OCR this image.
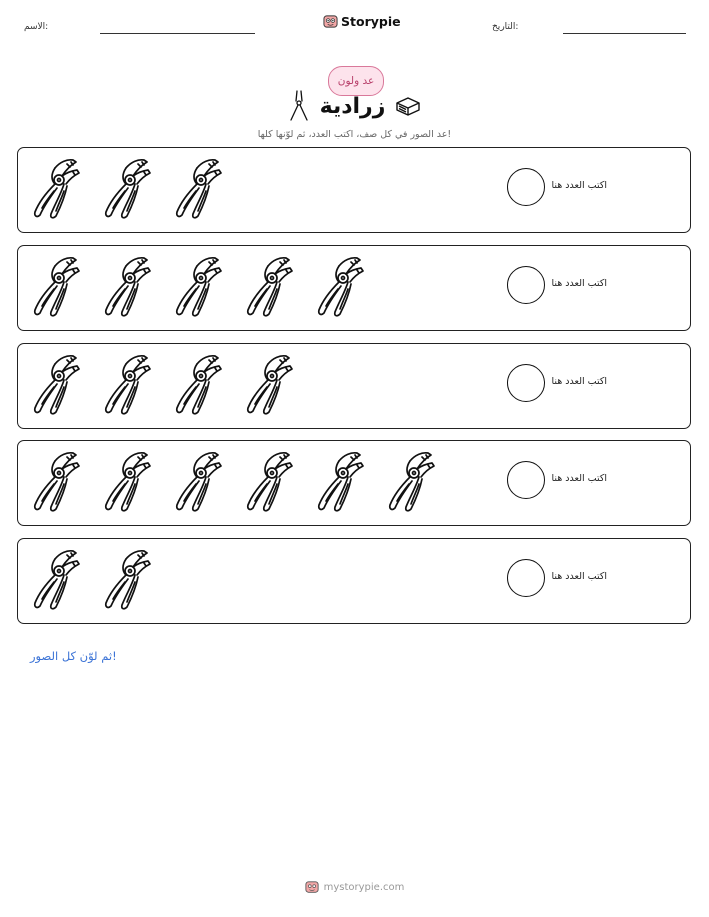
التاريخ:
الاسم:	Storypie
عد ولون
زرادية
عد الصور في كل صف، اكتب العدد، ثم لوّنها كلها!
اكتب العدد هنا
اكتب العدد هنا
اكتب العدد هنا
اكتب العدد هنا
اكتب العدد هنا
ثم لوّن كل الصور!
mystorypie.com
